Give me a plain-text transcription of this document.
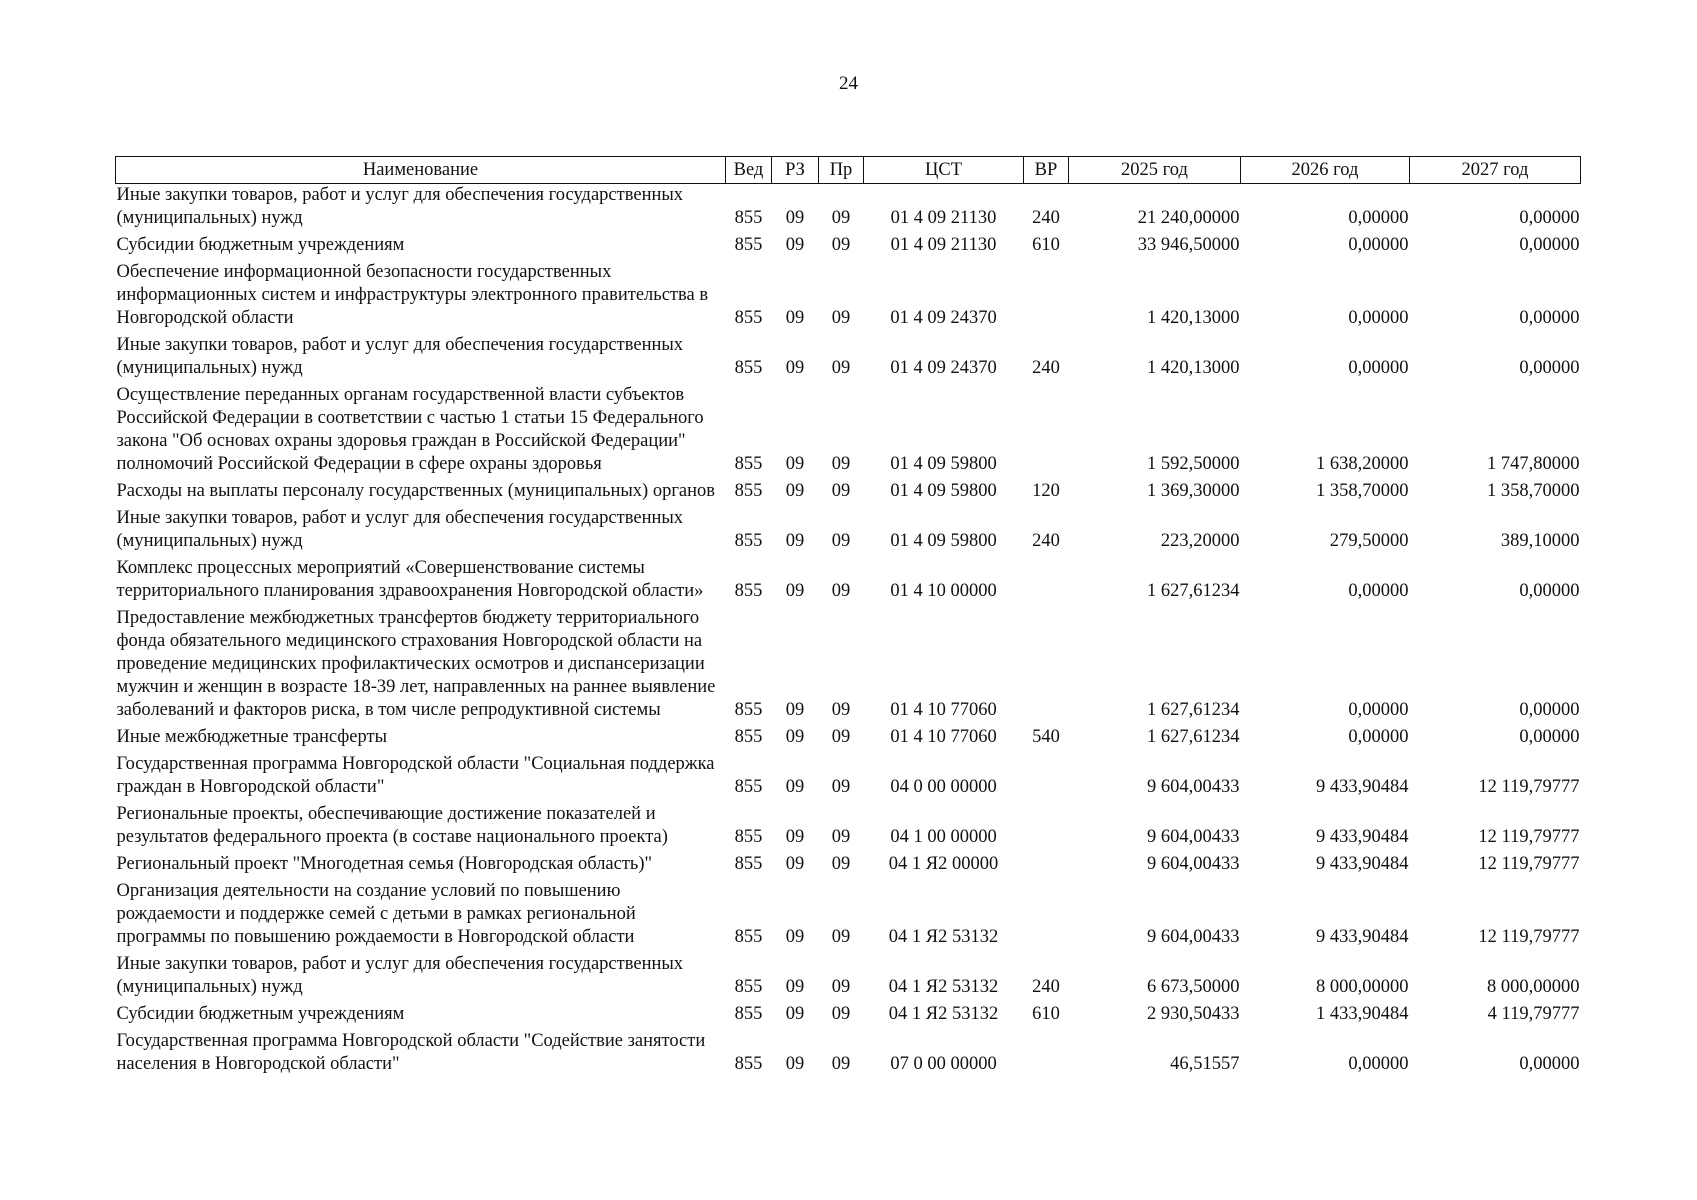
24
Наименование	Вед	РЗ	Пр	ЦСТ	ВР	2025 год	2026 год	2027 год
Иные закупки товаров, работ и услуг для обеспечения государственных (муниципальных) нужд	855	09	09	01 4 09 21130	240	21 240,00000	0,00000	0,00000
Субсидии бюджетным учреждениям	855	09	09	01 4 09 21130	610	33 946,50000	0,00000	0,00000
Обеспечение информационной безопасности государственных информационных систем и инфраструктуры электронного правительства в Новгородской области	855	09	09	01 4 09 24370		1 420,13000	0,00000	0,00000
Иные закупки товаров, работ и услуг для обеспечения государственных (муниципальных) нужд	855	09	09	01 4 09 24370	240	1 420,13000	0,00000	0,00000
Осуществление переданных органам государственной власти субъектов Российской Федерации в соответствии с частью 1 статьи 15 Федерального закона "Об основах охраны здоровья граждан в Российской Федерации" полномочий Российской Федерации в сфере охраны здоровья	855	09	09	01 4 09 59800		1 592,50000	1 638,20000	1 747,80000
Расходы на выплаты персоналу государственных (муниципальных) органов	855	09	09	01 4 09 59800	120	1 369,30000	1 358,70000	1 358,70000
Иные закупки товаров, работ и услуг для обеспечения государственных (муниципальных) нужд	855	09	09	01 4 09 59800	240	223,20000	279,50000	389,10000
Комплекс процессных мероприятий «Совершенствование системы территориального планирования здравоохранения Новгородской области»	855	09	09	01 4 10 00000		1 627,61234	0,00000	0,00000
Предоставление межбюджетных трансфертов бюджету территориального фонда обязательного медицинского страхования Новгородской области на проведение медицинских профилактических осмотров и диспансеризации мужчин и женщин в возрасте 18-39 лет, направленных на раннее выявление заболеваний и факторов риска, в том числе репродуктивной системы	855	09	09	01 4 10 77060		1 627,61234	0,00000	0,00000
Иные межбюджетные трансферты	855	09	09	01 4 10 77060	540	1 627,61234	0,00000	0,00000
Государственная программа Новгородской области "Социальная поддержка граждан в Новгородской области"	855	09	09	04 0 00 00000		9 604,00433	9 433,90484	12 119,79777
Региональные проекты, обеспечивающие достижение показателей и результатов федерального проекта (в составе национального проекта)	855	09	09	04 1 00 00000		9 604,00433	9 433,90484	12 119,79777
Региональный проект "Многодетная семья (Новгородская область)"	855	09	09	04 1 Я2 00000		9 604,00433	9 433,90484	12 119,79777
Организация деятельности на создание условий по повышению рождаемости и поддержке семей с детьми в рамках региональной программы по повышению рождаемости в Новгородской области	855	09	09	04 1 Я2 53132		9 604,00433	9 433,90484	12 119,79777
Иные закупки товаров, работ и услуг для обеспечения государственных (муниципальных) нужд	855	09	09	04 1 Я2 53132	240	6 673,50000	8 000,00000	8 000,00000
Субсидии бюджетным учреждениям	855	09	09	04 1 Я2 53132	610	2 930,50433	1 433,90484	4 119,79777
Государственная программа Новгородской области "Содействие занятости населения в Новгородской области"	855	09	09	07 0 00 00000		46,51557	0,00000	0,00000
